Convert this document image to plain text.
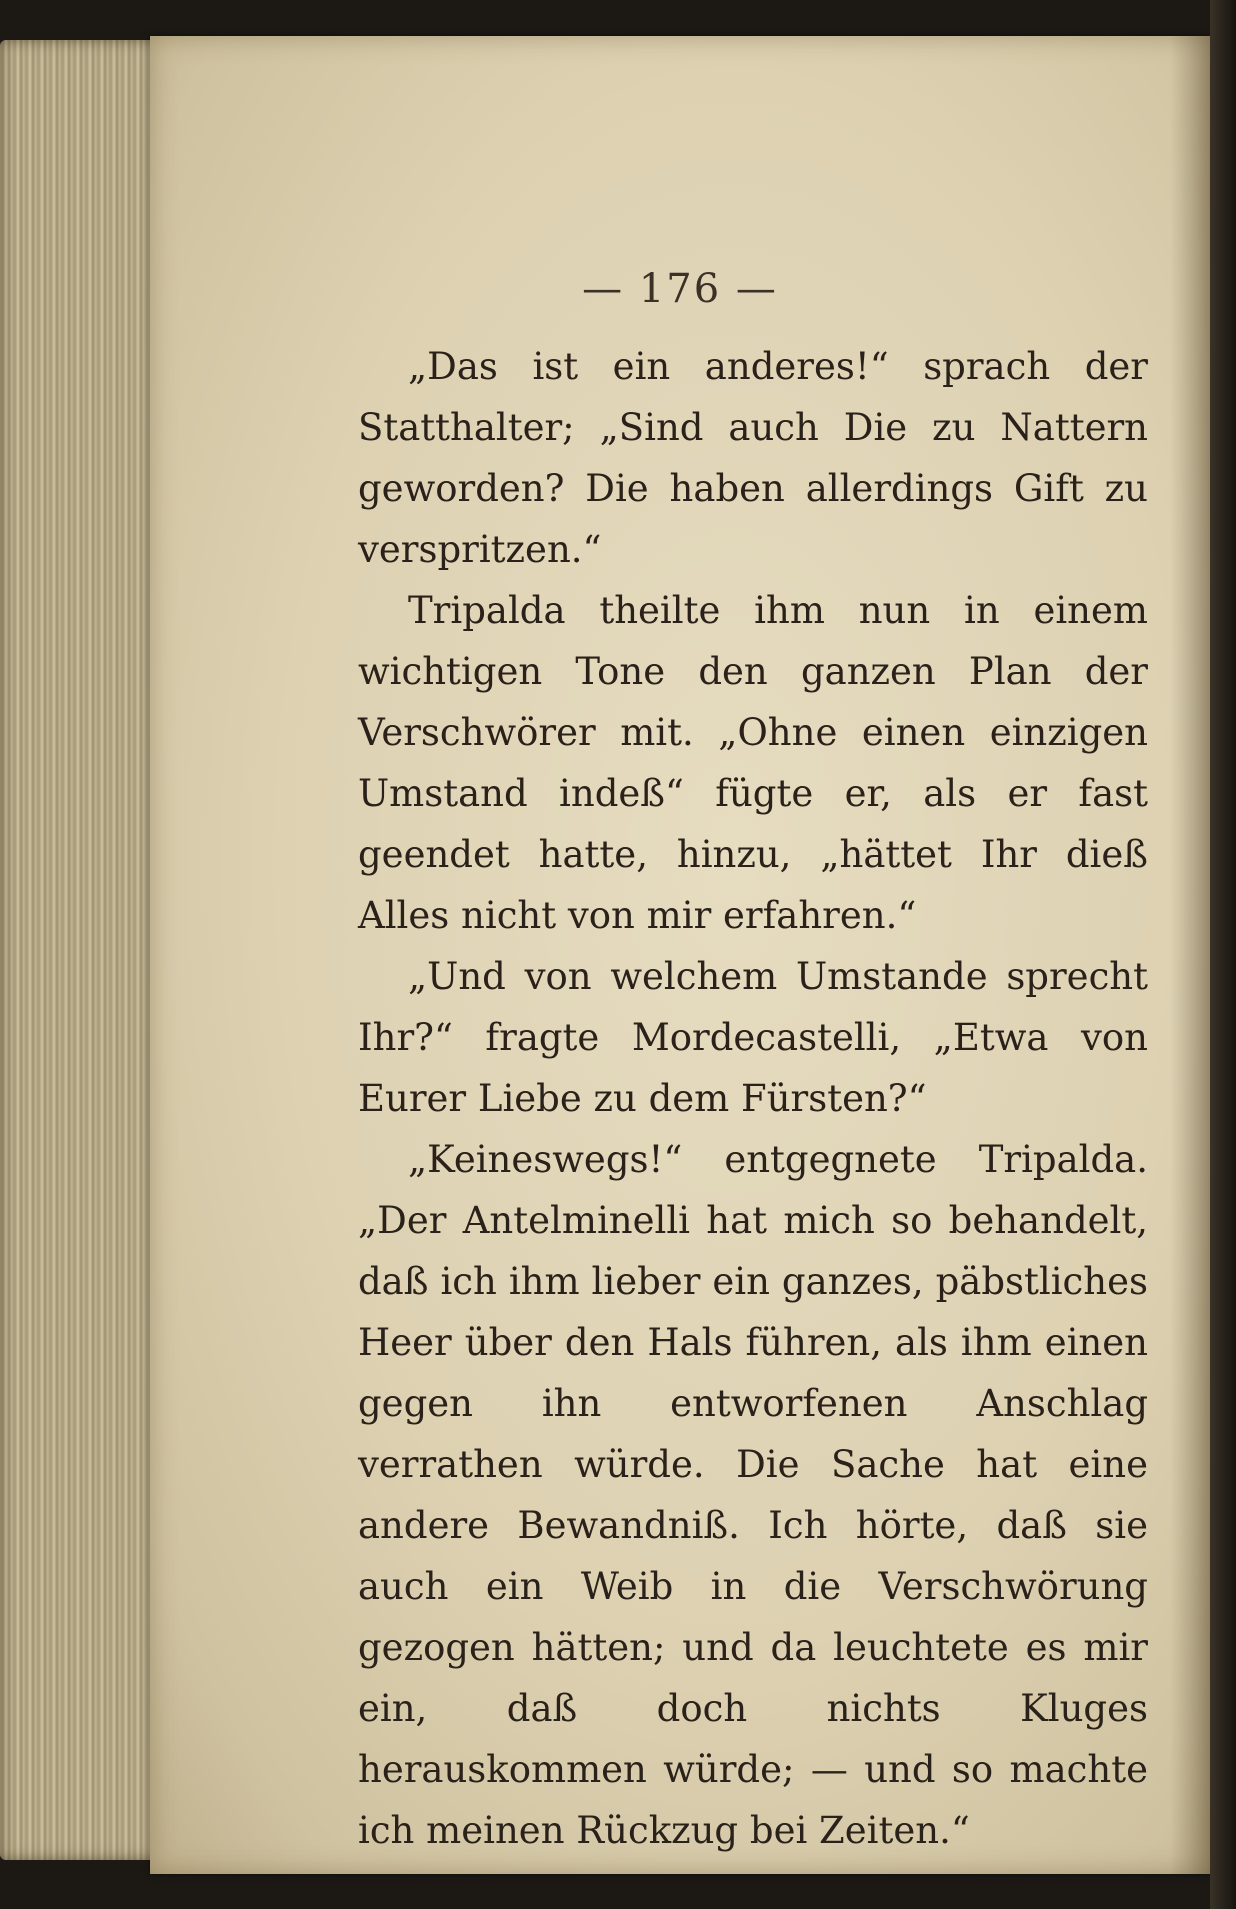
— 176 —

„Das ist ein anderes!“ sprach der Statthalter; „Sind auch Die zu Nattern geworden? Die haben allerdings Gift zu verspritzen.“

Tripalda theilte ihm nun in einem wichtigen Tone den ganzen Plan der Verschwörer mit. „Ohne einen einzigen Umstand indeß“ fügte er, als er fast geendet hatte, hinzu, „hättet Ihr dieß Alles nicht von mir erfahren.“

„Und von welchem Umstande sprecht Ihr?“ fragte Mordecastelli, „Etwa von Eurer Liebe zu dem Fürsten?“

„Keineswegs!“ entgegnete Tripalda. „Der Antelminelli hat mich so behandelt, daß ich ihm lieber ein ganzes, päbstliches Heer über den Hals führen, als ihm einen gegen ihn entworfenen Anschlag verrathen würde. Die Sache hat eine andere Bewandniß. Ich hörte, daß sie auch ein Weib in die Verschwörung gezogen hätten; und da leuchtete es mir ein, daß doch nichts Kluges herauskommen würde; — und so machte ich meinen Rückzug bei Zeiten.“
